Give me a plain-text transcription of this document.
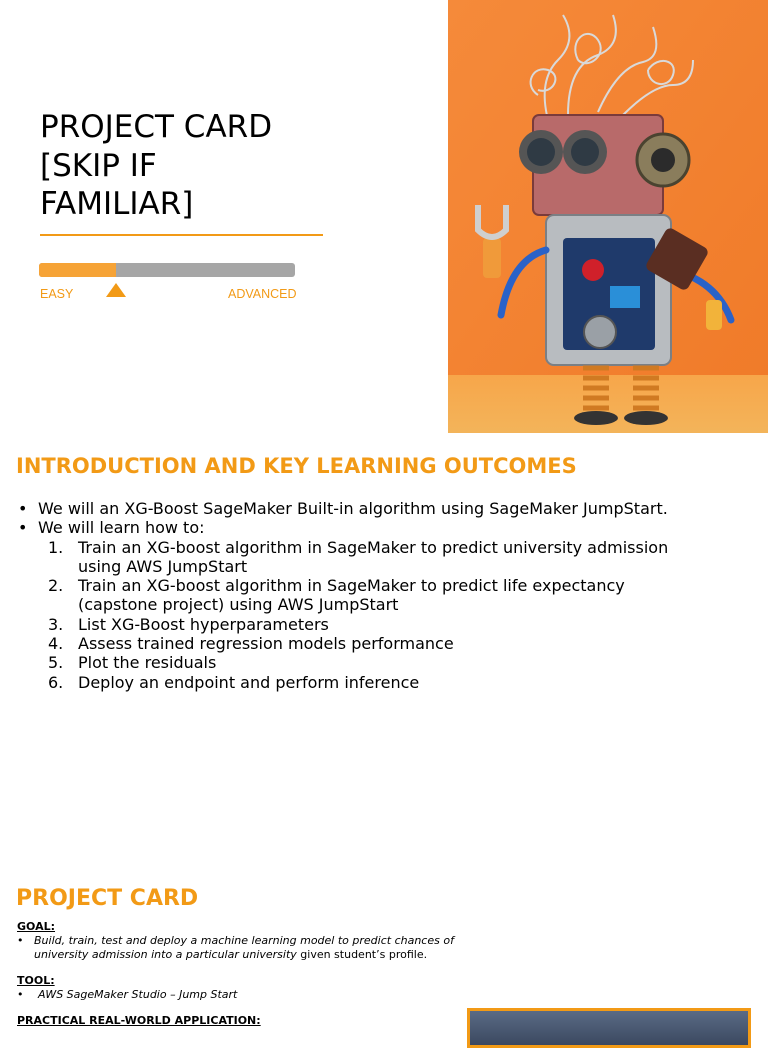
PROJECT CARD
[SKIP IF
FAMILIAR]
EASY	ADVANCED
INTRODUCTION AND KEY LEARNING OUTCOMES
• We will an XG-Boost SageMaker Built-in algorithm using SageMaker JumpStart.
• We will learn how to:
1. Train an XG-boost algorithm in SageMaker to predict university admission
using AWS JumpStart
2. Train an XG-boost algorithm in SageMaker to predict life expectancy
(capstone project) using AWS JumpStart
3. List XG-Boost hyperparameters
4. Assess trained regression models performance
5. Plot the residuals
6. Deploy an endpoint and perform inference
PROJECT CARD
GOAL:
• Build, train, test and deploy a machine learning model to predict chances of
university admission into a particular university given student’s profile.
TOOL:
• AWS SageMaker Studio – Jump Start
PRACTICAL REAL-WORLD APPLICATION:
